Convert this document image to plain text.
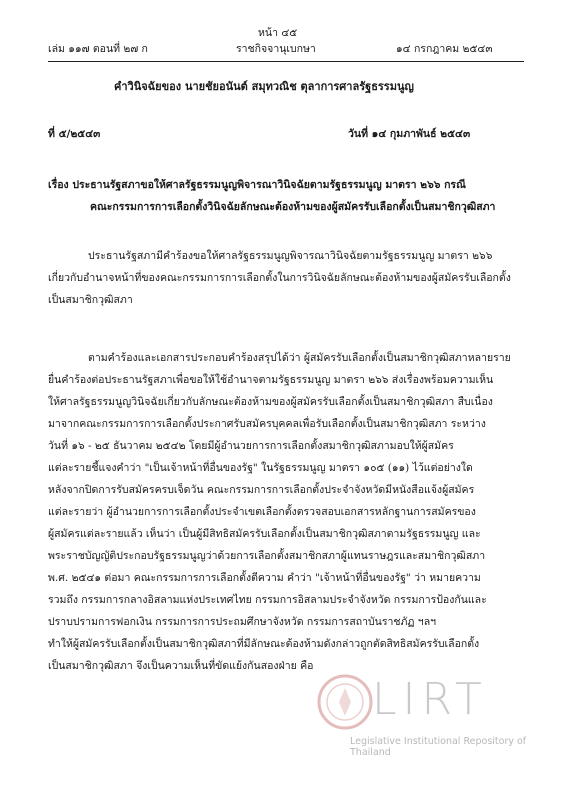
หน้า ๔๕
เล่ม ๑๑๗ ตอนที่ ๒๗ ก	ราชกิจจานุเบกษา	๑๔ กรกฎาคม ๒๕๔๓
คำวินิจฉัยของ นายชัยอนันต์ สมุทวณิช ตุลาการศาลรัฐธรรมนูญ
ที่ ๕/๒๕๔๓	วันที่ ๑๔ กุมภาพันธ์ ๒๕๔๓
เรื่อง ประธานรัฐสภาขอให้ศาลรัฐธรรมนูญพิจารณาวินิจฉัยตามรัฐธรรมนูญ มาตรา ๒๖๖ กรณี
คณะกรรมการการเลือกตั้งวินิจฉัยลักษณะต้องห้ามของผู้สมัครรับเลือกตั้งเป็นสมาชิกวุฒิสภา

ประธานรัฐสภามีคำร้องขอให้ศาลรัฐธรรมนูญพิจารณาวินิจฉัยตามรัฐธรรมนูญ มาตรา ๒๖๖

เกี่ยวกับอำนาจหน้าที่ของคณะกรรมการการเลือกตั้งในการวินิจฉัยลักษณะต้องห้ามของผู้สมัครรับเลือกตั้ง

เป็นสมาชิกวุฒิสภา

ตามคำร้องและเอกสารประกอบคำร้องสรุปได้ว่า ผู้สมัครรับเลือกตั้งเป็นสมาชิกวุฒิสภาหลายราย

ยื่นคำร้องต่อประธานรัฐสภาเพื่อขอให้ใช้อำนาจตามรัฐธรรมนูญ มาตรา ๒๖๖ ส่งเรื่องพร้อมความเห็น

ให้ศาลรัฐธรรมนูญวินิจฉัยเกี่ยวกับลักษณะต้องห้ามของผู้สมัครรับเลือกตั้งเป็นสมาชิกวุฒิสภา สืบเนื่อง

มาจากคณะกรรมการการเลือกตั้งประกาศรับสมัครบุคคลเพื่อรับเลือกตั้งเป็นสมาชิกวุฒิสภา ระหว่าง

วันที่ ๑๖ - ๒๕ ธันวาคม ๒๕๔๒ โดยมีผู้อำนวยการการเลือกตั้งสมาชิกวุฒิสภามอบให้ผู้สมัคร

แต่ละรายชี้แจงคำว่า "เป็นเจ้าหน้าที่อื่นของรัฐ" ในรัฐธรรมนูญ มาตรา ๑๐๕ (๑๑) ไว้แต่อย่างใด

หลังจากปิดการรับสมัครครบเจ็ดวัน คณะกรรมการการเลือกตั้งประจำจังหวัดมีหนังสือแจ้งผู้สมัคร

แต่ละรายว่า ผู้อำนวยการการเลือกตั้งประจำเขตเลือกตั้งตรวจสอบเอกสารหลักฐานการสมัครของ

ผู้สมัครแต่ละรายแล้ว เห็นว่า เป็นผู้มีสิทธิสมัครรับเลือกตั้งเป็นสมาชิกวุฒิสภาตามรัฐธรรมนูญ และ

พระราชบัญญัติประกอบรัฐธรรมนูญว่าด้วยการเลือกตั้งสมาชิกสภาผู้แทนราษฎรและสมาชิกวุฒิสภา

พ.ศ. ๒๕๔๑ ต่อมา คณะกรรมการการเลือกตั้งตีความ คำว่า "เจ้าหน้าที่อื่นของรัฐ" ว่า หมายความ

รวมถึง กรรมการกลางอิสลามแห่งประเทศไทย กรรมการอิสลามประจำจังหวัด กรรมการป้องกันและ

ปราบปรามการฟอกเงิน กรรมการการประถมศึกษาจังหวัด กรรมการสถาบันราชภัฏ ฯลฯ

ทำให้ผู้สมัครรับเลือกตั้งเป็นสมาชิกวุฒิสภาที่มีลักษณะต้องห้ามดังกล่าวถูกตัดสิทธิสมัครรับเลือกตั้ง

เป็นสมาชิกวุฒิสภา จึงเป็นความเห็นที่ขัดแย้งกันสองฝ่าย คือ

LIRT
Legislative Institutional Repository of Thailand
